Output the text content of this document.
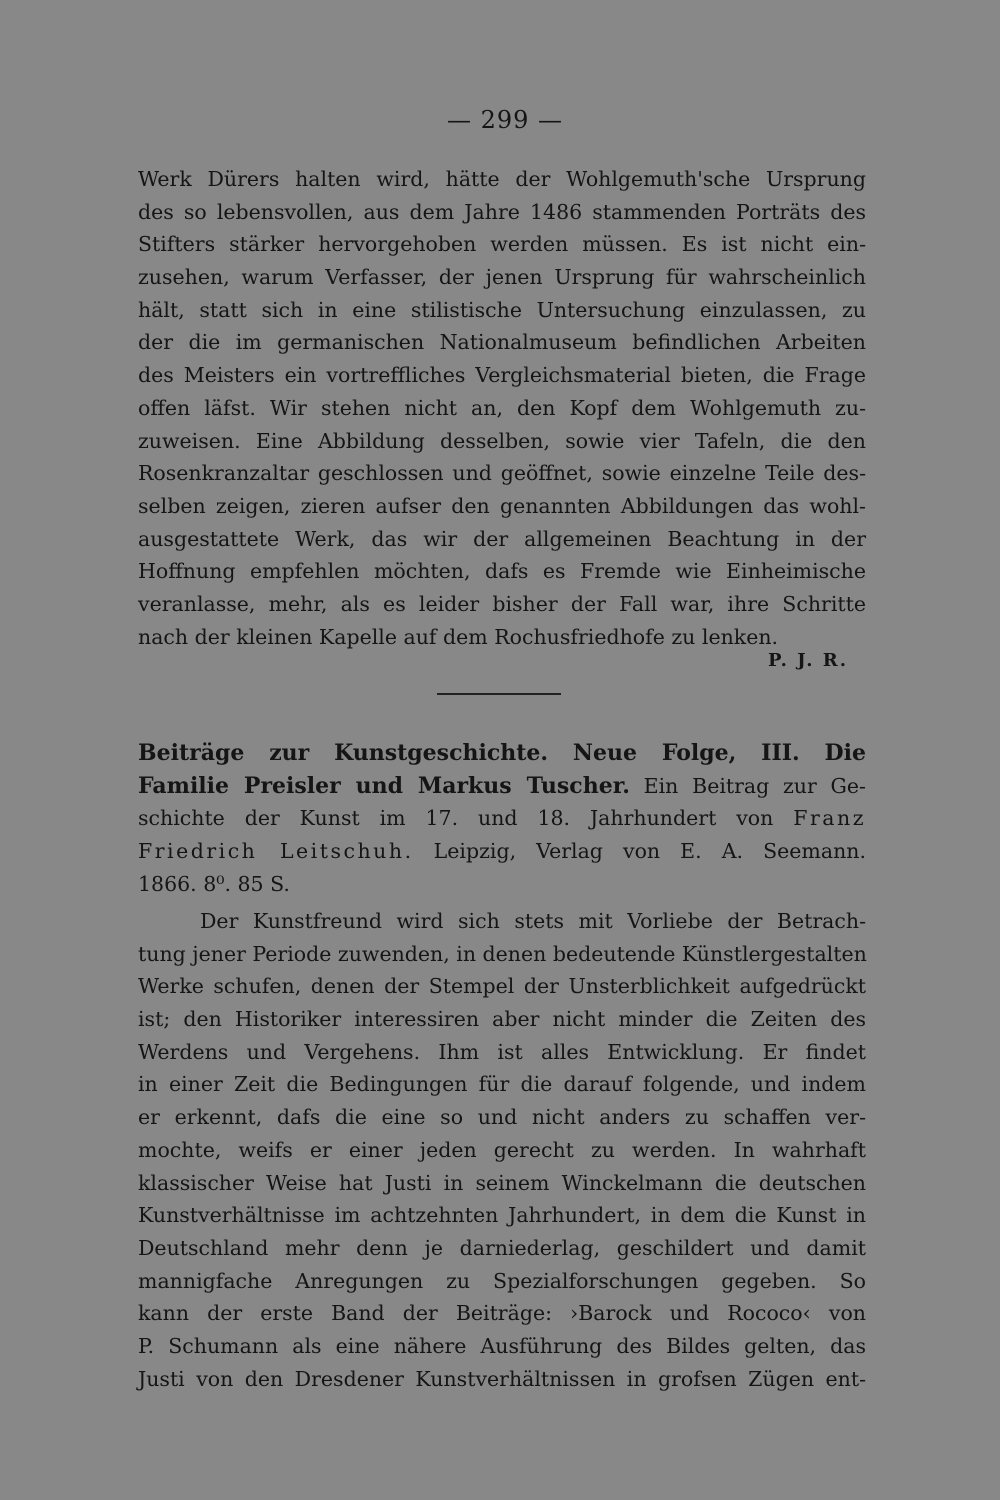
— 299 —
Werk Dürers halten wird, hätte der Wohlgemuth'sche Ursprung
des so lebensvollen, aus dem Jahre 1486 stammenden Porträts des
Stifters stärker hervorgehoben werden müssen. Es ist nicht ein-
zusehen, warum Verfasser, der jenen Ursprung für wahrscheinlich
hält, statt sich in eine stilistische Untersuchung einzulassen, zu
der die im germanischen Nationalmuseum befindlichen Arbeiten
des Meisters ein vortreffliches Vergleichsmaterial bieten, die Frage
offen läfst. Wir stehen nicht an, den Kopf dem Wohlgemuth zu-
zuweisen. Eine Abbildung desselben, sowie vier Tafeln, die den
Rosenkranzaltar geschlossen und geöffnet, sowie einzelne Teile des-
selben zeigen, zieren aufser den genannten Abbildungen das wohl-
ausgestattete Werk, das wir der allgemeinen Beachtung in der
Hoffnung empfehlen möchten, dafs es Fremde wie Einheimische
veranlasse, mehr, als es leider bisher der Fall war, ihre Schritte
nach der kleinen Kapelle auf dem Rochusfriedhofe zu lenken.
P. J. R.
Beiträge zur Kunstgeschichte. Neue Folge, III. Die
Familie Preisler und Markus Tuscher. Ein Beitrag zur Ge-
schichte der Kunst im 17. und 18. Jahrhundert von Franz
Friedrich Leitschuh. Leipzig, Verlag von E. A. Seemann.
1866. 8⁰. 85 S.
Der Kunstfreund wird sich stets mit Vorliebe der Betrach-
tung jener Periode zuwenden, in denen bedeutende Künstlergestalten
Werke schufen, denen der Stempel der Unsterblichkeit aufgedrückt
ist; den Historiker interessiren aber nicht minder die Zeiten des
Werdens und Vergehens. Ihm ist alles Entwicklung. Er findet
in einer Zeit die Bedingungen für die darauf folgende, und indem
er erkennt, dafs die eine so und nicht anders zu schaffen ver-
mochte, weifs er einer jeden gerecht zu werden. In wahrhaft
klassischer Weise hat Justi in seinem Winckelmann die deutschen
Kunstverhältnisse im achtzehnten Jahrhundert, in dem die Kunst in
Deutschland mehr denn je darniederlag, geschildert und damit
mannigfache Anregungen zu Spezialforschungen gegeben. So
kann der erste Band der Beiträge: ›Barock und Rococo‹ von
P. Schumann als eine nähere Ausführung des Bildes gelten, das
Justi von den Dresdener Kunstverhältnissen in grofsen Zügen ent-
